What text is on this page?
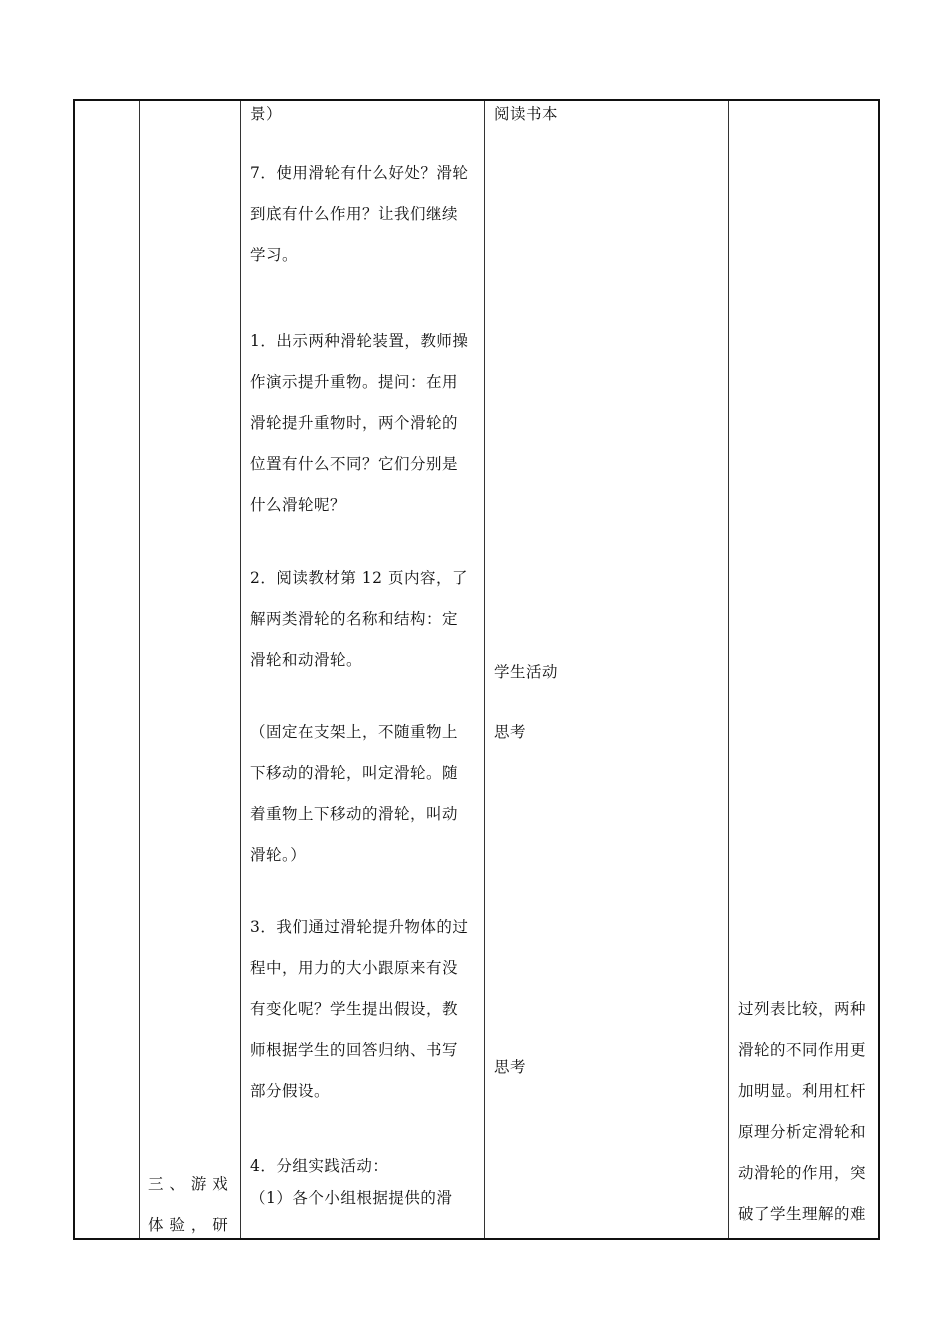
景）
7．使用滑轮有什么好处？滑轮
到底有什么作用？让我们继续
学习。
1．出示两种滑轮装置，教师操
作演示提升重物。提问：在用
滑轮提升重物时，两个滑轮的
位置有什么不同？它们分别是
什么滑轮呢？
2．阅读教材第 12 页内容，了
解两类滑轮的名称和结构：定
滑轮和动滑轮。
（固定在支架上，不随重物上
下移动的滑轮，叫定滑轮。随
着重物上下移动的滑轮，叫动
滑轮。）
3．我们通过滑轮提升物体的过
程中，用力的大小跟原来有没
有变化呢？学生提出假设，教
师根据学生的回答归纳、书写
部分假设。
4．分组实践活动：
（1）各个小组根据提供的滑
三 、 游 戏
体 验 ， 研
阅读书本
学生活动
思考
思考
过列表比较，两种
滑轮的不同作用更
加明显。利用杠杆
原理分析定滑轮和
动滑轮的作用，突
破了学生理解的难
